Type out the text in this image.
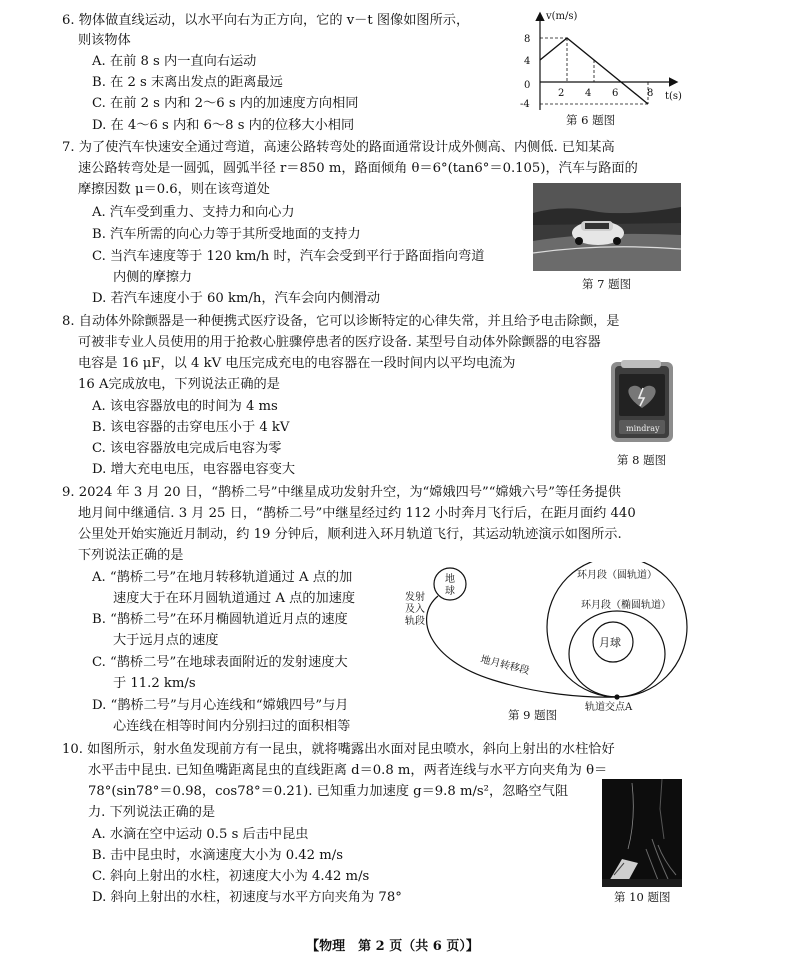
6. 物体做直线运动，以水平向右为正方向，它的 v－t 图像如图所示，
则该物体
A. 在前 8 s 内一直向右运动
B. 在 2 s 末离出发点的距离最远
C. 在前 2 s 内和 2～6 s 内的加速度方向相同
D. 在 4～6 s 内和 6～8 s 内的位移大小相同
v(m/s)
t(s)
0
8
4
-4
2 4 6	8
第 6 题图
7. 为了使汽车快速安全通过弯道，高速公路转弯处的路面通常设计成外侧高、内侧低. 已知某高
速公路转弯处是一圆弧，圆弧半径 r＝850 m，路面倾角 θ＝6°(tan6°＝0.105)，汽车与路面的
摩擦因数 μ＝0.6，则在该弯道处
A. 汽车受到重力、支持力和向心力
B. 汽车所需的向心力等于其所受地面的支持力
C. 当汽车速度等于 120 km/h 时，汽车会受到平行于路面指向弯道
内侧的摩擦力
D. 若汽车速度小于 60 km/h，汽车会向内侧滑动
第 7 题图
8. 自动体外除颤器是一种便携式医疗设备，它可以诊断特定的心律失常，并且给予电击除颤，是
可被非专业人员使用的用于抢救心脏骤停患者的医疗设备. 某型号自动体外除颤器的电容器
电容是 16 μF，以 4 kV 电压完成充电的电容器在一段时间内以平均电流为
16 A完成放电，下列说法正确的是
A. 该电容器放电的时间为 4 ms
B. 该电容器的击穿电压小于 4 kV
C. 该电容器放电完成后电容为零
D. 增大充电电压，电容器电容变大
mindray
第 8 题图
9. 2024 年 3 月 20 日，“鹊桥二号”中继星成功发射升空，为“嫦娥四号”“嫦娥六号”等任务提供
地月间中继通信. 3 月 25 日，“鹊桥二号”中继星经过约 112 小时奔月飞行后，在距月面约 440
公里处开始实施近月制动，约 19 分钟后，顺利进入环月轨道飞行，其运动轨迹演示如图所示.
下列说法正确的是
A. “鹊桥二号”在地月转移轨道通过 A 点的加
速度大于在环月圆轨道通过 A 点的加速度
B. “鹊桥二号”在环月椭圆轨道近月点的速度
大于远月点的速度
C. “鹊桥二号”在地球表面附近的发射速度大
于 11.2 km/s
D. “鹊桥二号”与月心连线和“嫦娥四号”与月
心连线在相等时间内分别扫过的面积相等
地
球
发射
及入
轨段
地月转移段
月球
环月段（圆轨道）
环月段（椭圆轨道）
轨道交点A
第 9 题图
10. 如图所示，射水鱼发现前方有一昆虫，就将嘴露出水面对昆虫喷水，斜向上射出的水柱恰好
水平击中昆虫. 已知鱼嘴距离昆虫的直线距离 d＝0.8 m，两者连线与水平方向夹角为 θ＝
78°(sin78°＝0.98，cos78°＝0.21). 已知重力加速度 g＝9.8 m/s²，忽略空气阻
力. 下列说法正确的是
A. 水滴在空中运动 0.5 s 后击中昆虫
B. 击中昆虫时，水滴速度大小为 0.42 m/s
C. 斜向上射出的水柱，初速度大小为 4.42 m/s
D. 斜向上射出的水柱，初速度与水平方向夹角为 78°	第 10 题图
【物理　第 2 页（共 6 页）】
